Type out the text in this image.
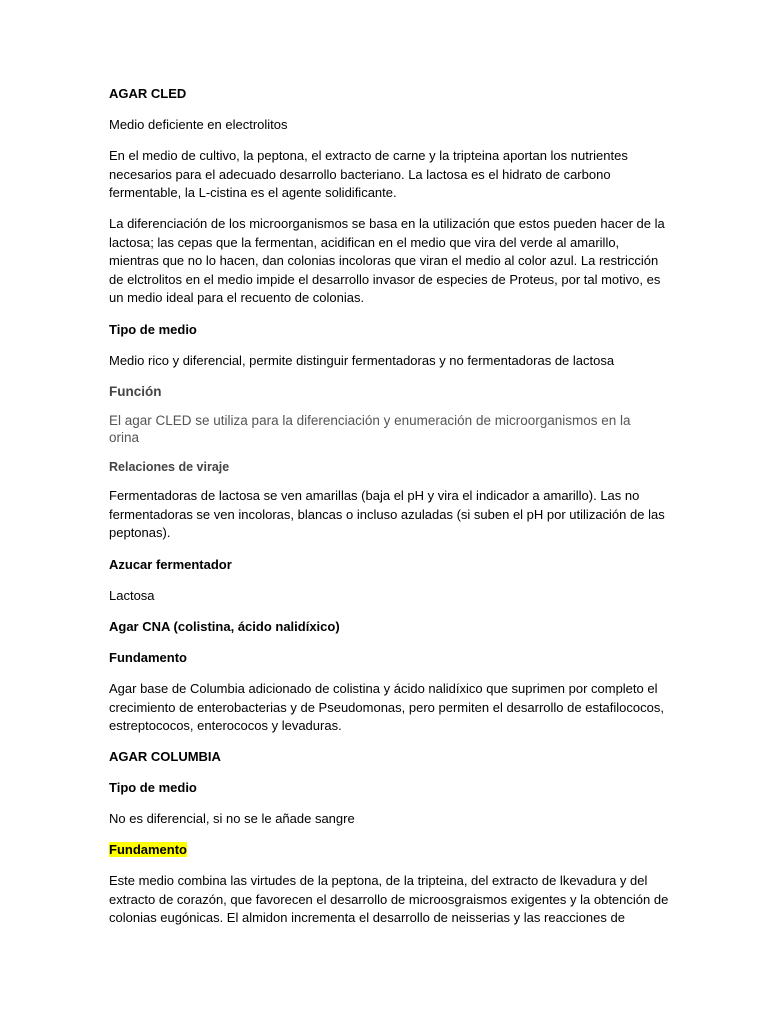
AGAR CLED

Medio deficiente en electrolitos

En el medio de cultivo, la peptona, el extracto de carne y la tripteina aportan los nutrientes necesarios para el adecuado desarrollo bacteriano. La lactosa es el hidrato de carbono fermentable, la L-cistina es el agente solidificante.

La diferenciación de los microorganismos se basa en la utilización que estos pueden hacer de la lactosa; las cepas que la fermentan, acidifican en el medio que vira del verde al amarillo, mientras que no lo hacen, dan colonias incoloras que viran el medio al color azul. La restricción de elctrolitos en el medio impide el desarrollo invasor de especies de Proteus, por tal motivo, es un medio ideal para el recuento de colonias.

Tipo de medio

Medio rico y diferencial, permite distinguir fermentadoras y no fermentadoras de lactosa

Función

El agar CLED se utiliza para la diferenciación y enumeración de microorganismos en la orina

Relaciones de viraje

Fermentadoras de lactosa se ven amarillas (baja el pH y vira el indicador a amarillo). Las no fermentadoras se ven incoloras, blancas o incluso azuladas (si suben el pH por utilización de las peptonas).

Azucar fermentador

Lactosa

Agar CNA (colistina, ácido nalidíxico)

Fundamento

Agar base de Columbia adicionado de colistina y ácido nalidíxico que suprimen por completo el crecimiento de enterobacterias y de Pseudomonas, pero permiten el desarrollo de estafilococos, estreptococos, enterococos y levaduras.

AGAR COLUMBIA

Tipo de medio

No es diferencial, si no se le añade sangre

Fundamento

Este medio combina las virtudes de la peptona, de la tripteina, del extracto de lkevadura y del extracto de corazón, que favorecen el desarrollo de microosgraismos exigentes y la obtención de colonias eugónicas. El almidon incrementa el desarrollo de neisserias y las reacciones de
